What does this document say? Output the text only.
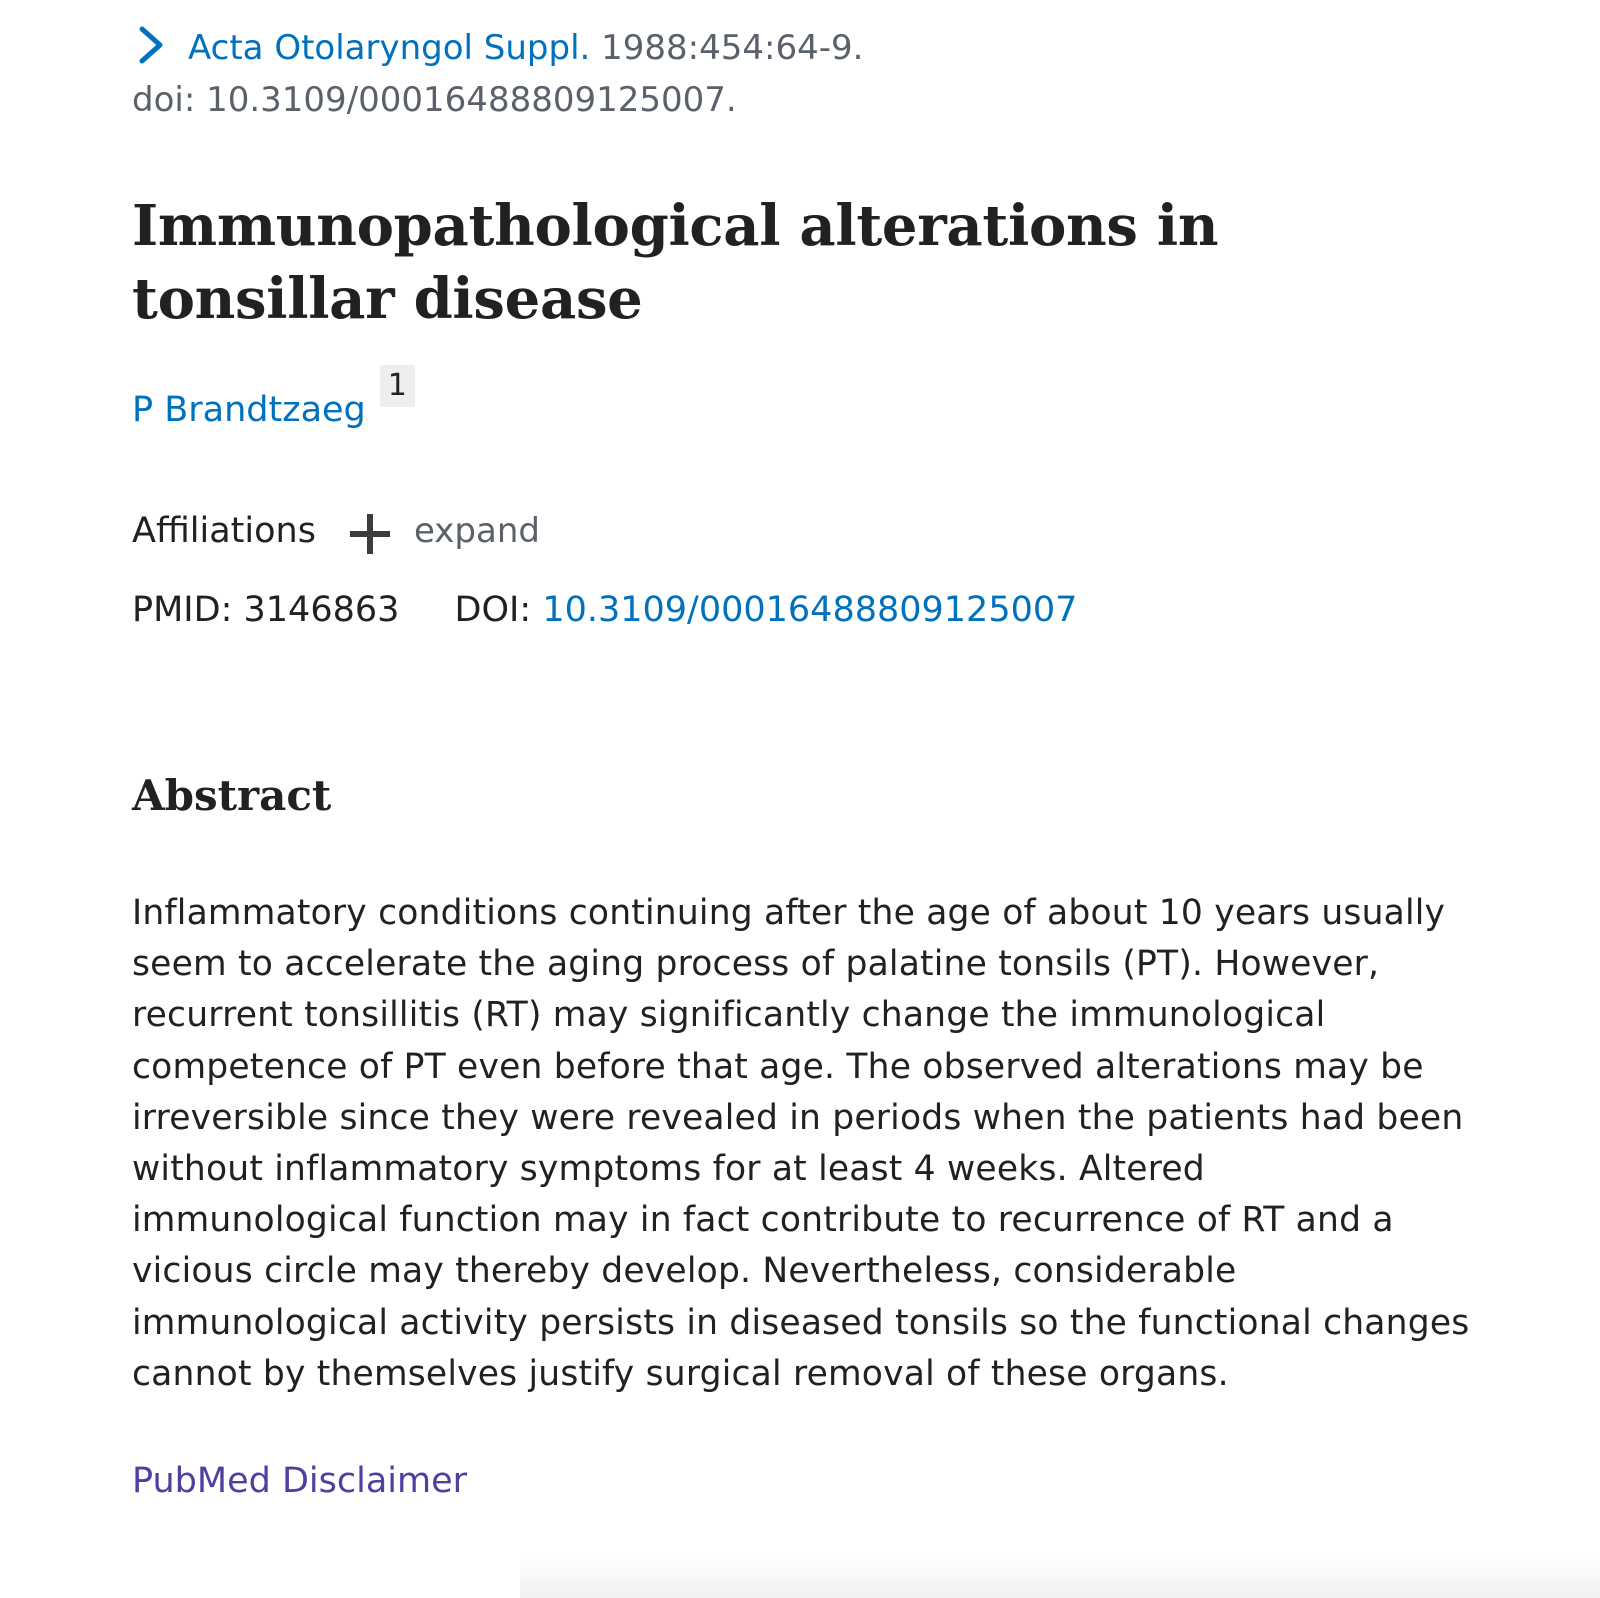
Acta Otolaryngol Suppl. 1988:454:64-9.
doi: 10.3109/00016488809125007.
Immunopathological alterations in tonsillar disease
P Brandtzaeg1
Affiliations	expand
PMID: 3146863 DOI: 10.3109/00016488809125007
Abstract

Inflammatory conditions continuing after the age of about 10 years usually seem to accelerate the aging process of palatine tonsils (PT). However, recurrent tonsillitis (RT) may significantly change the immunological competence of PT even before that age. The observed alterations may be irreversible since they were revealed in periods when the patients had been without inflammatory symptoms for at least 4 weeks. Altered immunological function may in fact contribute to recurrence of RT and a vicious circle may thereby develop. Nevertheless, considerable immunological activity persists in diseased tonsils so the functional changes cannot by themselves justify surgical removal of these organs.

PubMed Disclaimer
